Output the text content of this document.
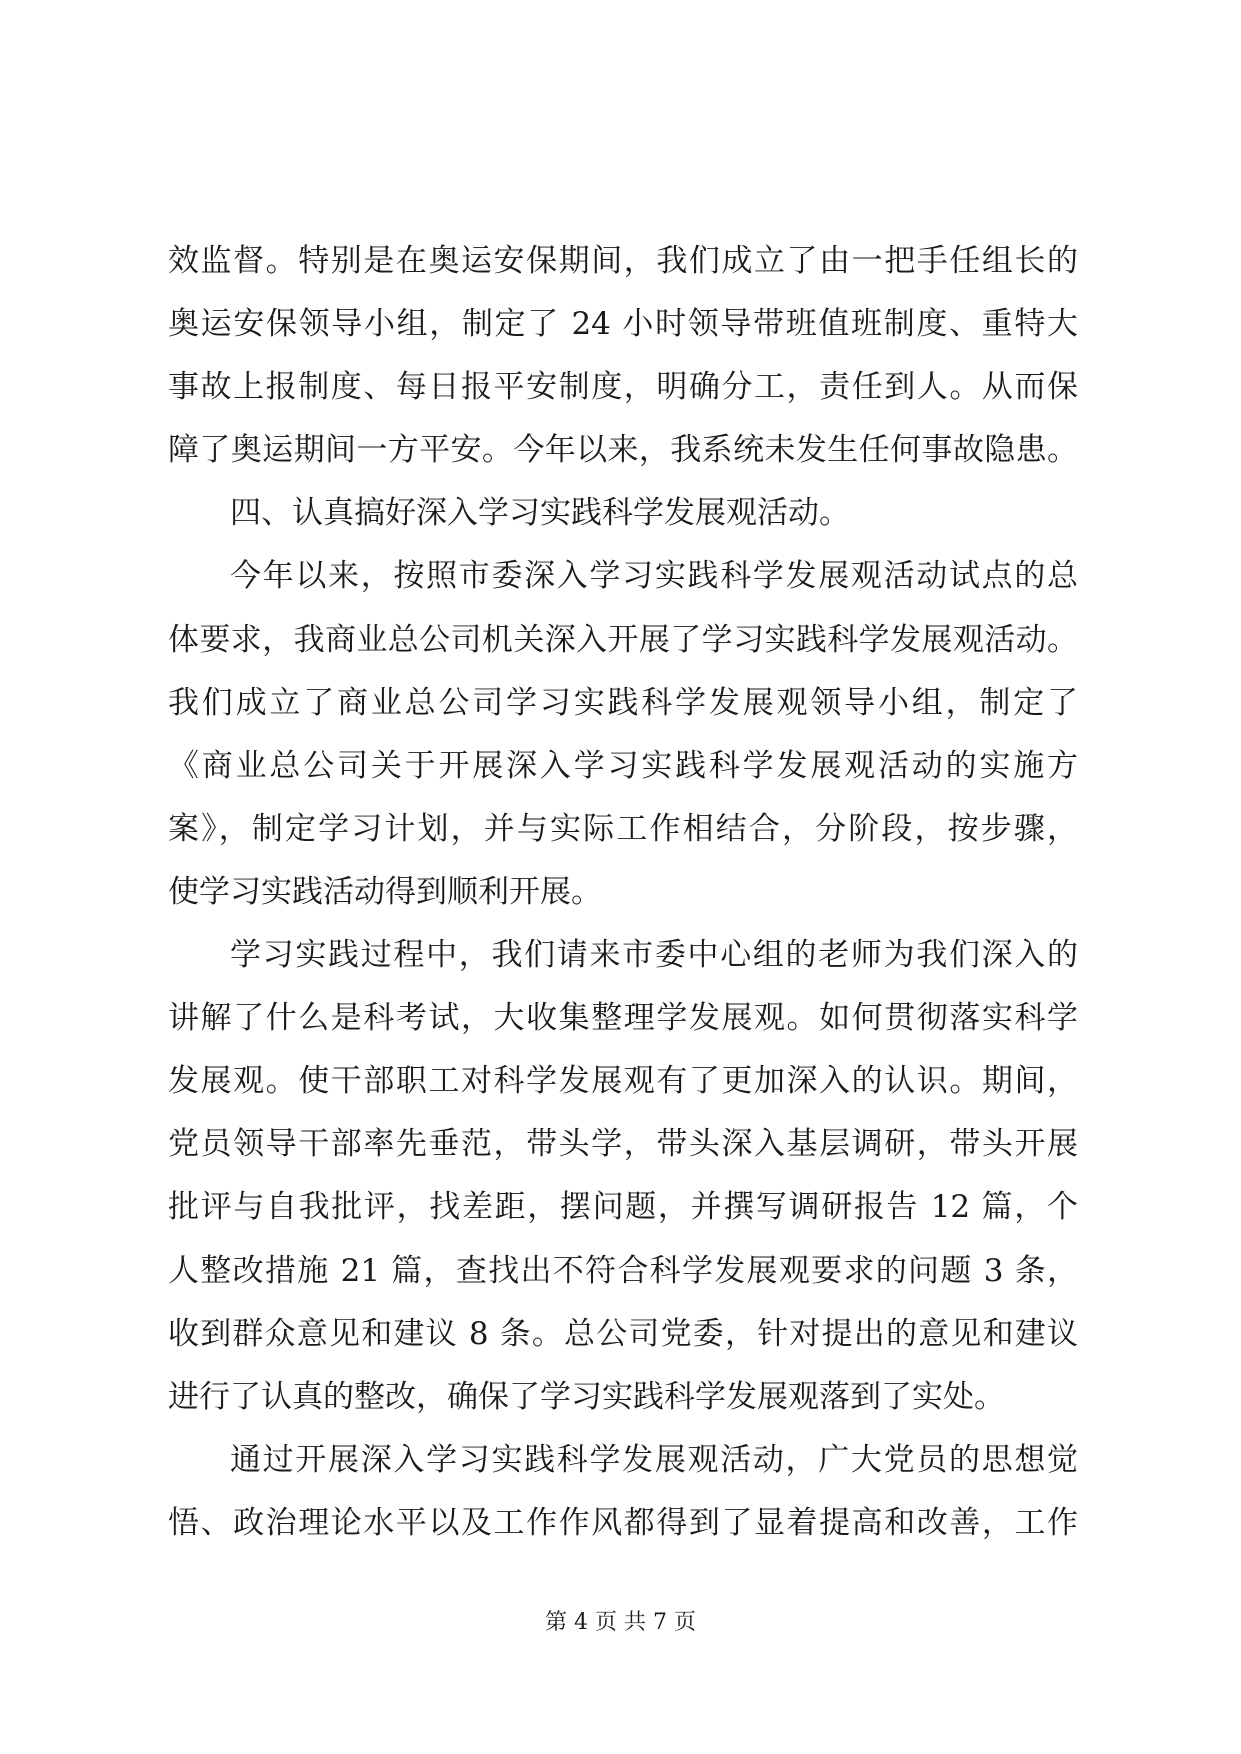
效监督。特别是在奥运安保期间，我们成立了由一把手任组长的
奥运安保领导小组，制定了 24 小时领导带班值班制度、重特大
事故上报制度、每日报平安制度，明确分工，责任到人。从而保
障了奥运期间一方平安。今年以来，我系统未发生任何事故隐患。
四、认真搞好深入学习实践科学发展观活动。
今年以来，按照市委深入学习实践科学发展观活动试点的总
体要求，我商业总公司机关深入开展了学习实践科学发展观活动。
我们成立了商业总公司学习实践科学发展观领导小组，制定了
《商业总公司关于开展深入学习实践科学发展观活动的实施方
案》，制定学习计划，并与实际工作相结合，分阶段，按步骤，
使学习实践活动得到顺利开展。
学习实践过程中，我们请来市委中心组的老师为我们深入的
讲解了什么是科考试，大收集整理学发展观。如何贯彻落实科学
发展观。使干部职工对科学发展观有了更加深入的认识。期间，
党员领导干部率先垂范，带头学，带头深入基层调研，带头开展
批评与自我批评，找差距，摆问题，并撰写调研报告 12 篇，个
人整改措施 21 篇，查找出不符合科学发展观要求的问题 3 条，
收到群众意见和建议 8 条。总公司党委，针对提出的意见和建议
进行了认真的整改，确保了学习实践科学发展观落到了实处。
通过开展深入学习实践科学发展观活动，广大党员的思想觉
悟、政治理论水平以及工作作风都得到了显着提高和改善，工作
第 4 页 共 7 页
